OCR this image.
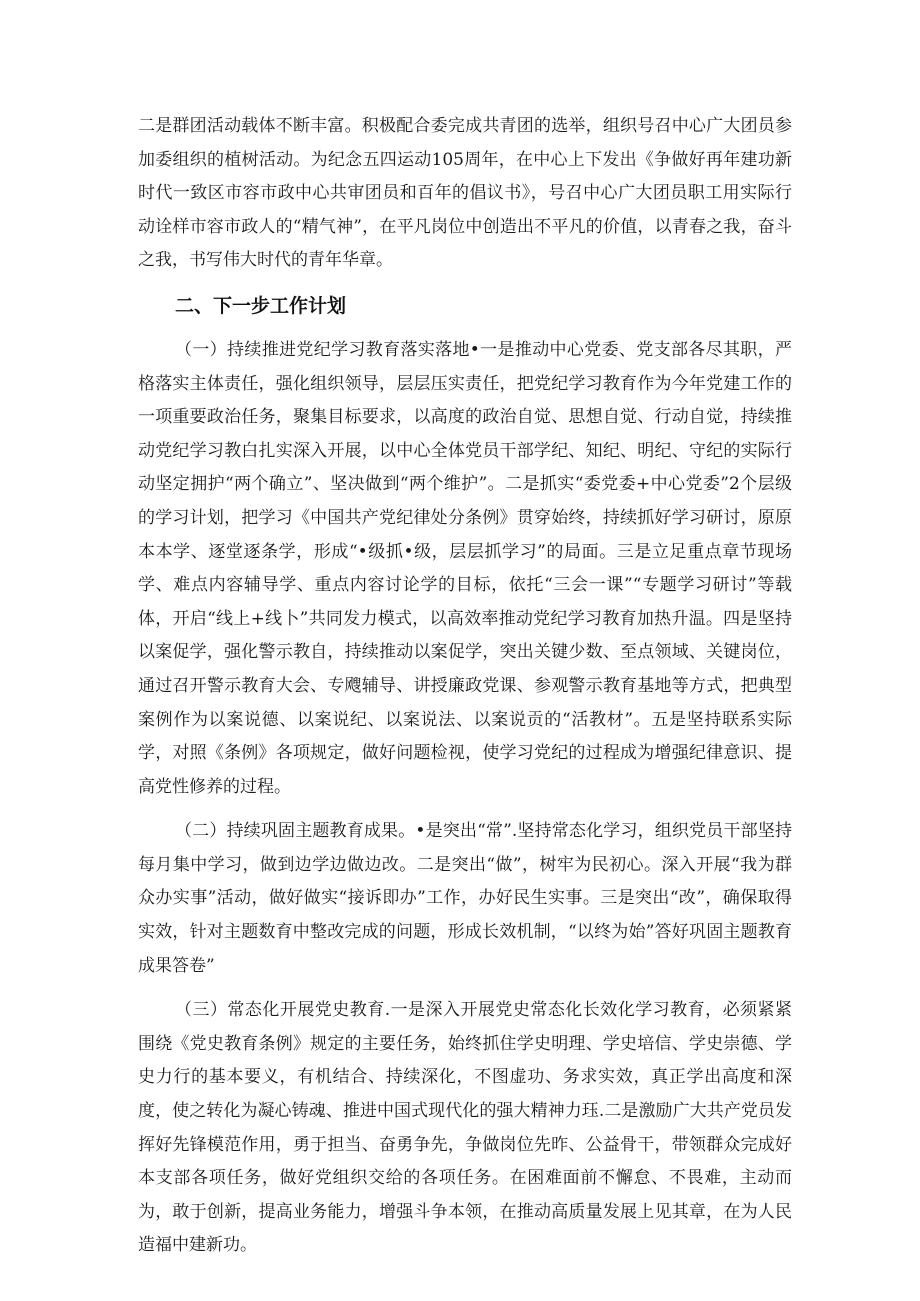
二是群团活动载体不断丰富。积极配合委完成共青团的选举，组织号召中心广大团员参加委组织的植树活动。为纪念五四运动105周年，在中心上下发出《争做好再年建功新时代一致区市容市政中心共审团员和百年的倡议书》，号召中心广大团员职工用实际行动诠样市容市政人的“精气神”，在平凡岗位中创造出不平凡的价值，以青春之我，奋斗之我，书写伟大时代的青年华章。

二、下一步工作计划

（一）持续推进党纪学习教育落实落地•一是推动中心党委、党支部各尽其职，严格落实主体责任，强化组织领导，层层压实责任，把党纪学习教育作为今年党建工作的一项重要政治任务，聚集目标要求，以高度的政治自觉、思想自觉、行动自觉，持续推动党纪学习教白扎实深入开展，以中心全体党员干部学纪、知纪、明纪、守纪的实际行动坚定拥护“两个确立”、坚决做到“两个维护”。二是抓实“委党委+中心党委”2个层级的学习计划，把学习《中国共产党纪律处分条例》贯穿始终，持续抓好学习研讨，原原本本学、逐堂逐条学，形成“•级抓•级，层层抓学习”的局面。三是立足重点章节现场学、难点内容辅导学、重点内容讨论学的目标，依托“三会一课”“专题学习研讨”等载体，开启“线上+线卜”共同发力模式，以高效率推动党纪学习教育加热升温。四是坚持以案促学，强化警示教自，持续推动以案促学，突出关键少数、至点领域、关键岗位，通过召开警示教育大会、专飕辅导、讲授廉政党课、参观警示教育基地等方式，把典型案例作为以案说德、以案说纪、以案说法、以案说贡的“活教材”。五是坚持联系实际学，对照《条例》各项规定，做好问题检视，使学习党纪的过程成为增强纪律意识、提高党性修养的过程。

（二）持续巩固主题教育成果。•是突出“常”.坚持常态化学习，组织党员干部坚持每月集中学习，做到边学边做边改。二是突出“做”，树牢为民初心。深入开展“我为群众办实事”活动，做好做实“接诉即办”工作，办好民生实事。三是突出“改”，确保取得实效，针对主题数育中整改完成的问题，形成长效机制，“以终为始”答好巩固主题教育成果答卷”

（三）常态化开展党史教育.一是深入开展党史常态化长效化学习教育，必须紧紧围绕《党史教育条例》规定的主要任务，始终抓住学史明理、学史培信、学史崇德、学史力行的基本要义，有机结合、持续深化，不图虚功、务求实效，真正学出高度和深度，使之转化为凝心铸魂、推进中国式现代化的强大精神力珏.二是激励广大共产党员发挥好先锋模范作用，勇于担当、奋勇争先，争做岗位先昨、公益骨干，带领群众完成好本支部各项任务，做好党组织交给的各项任务。在困难面前不懈怠、不畏难，主动而为，敢于创新，提高业务能力，增强斗争本领，在推动高质量发展上见其章，在为人民造福中建新功。
